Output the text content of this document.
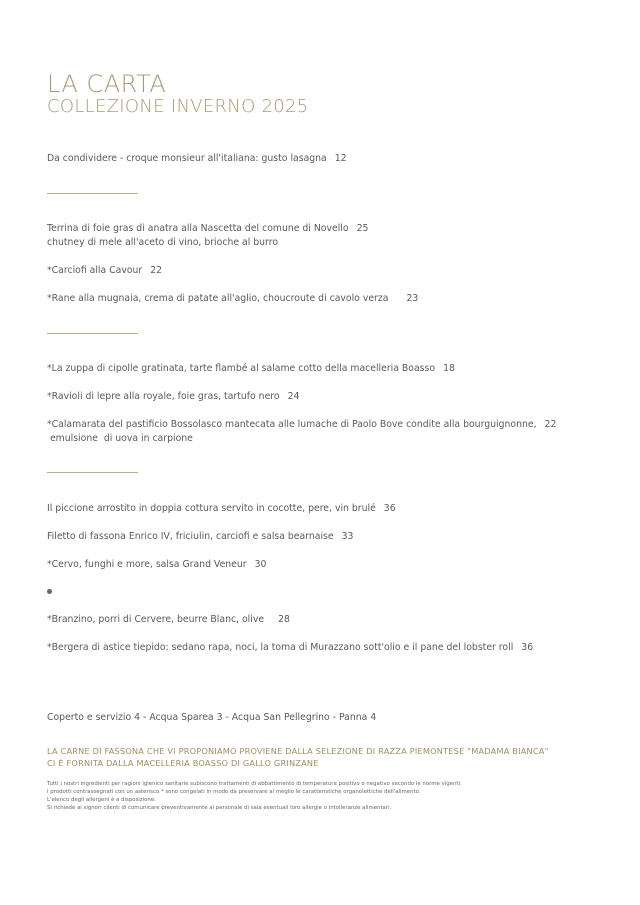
LA CARTA
COLLEZIONE INVERNO 2025
Da condividere - croque monsieur all'italiana: gusto lasagna 12
Terrina di foie gras di anatra alla Nascetta del comune di Novello 25
chutney di mele all'aceto di vino, brioche al burro
*Carciofi alla Cavour 22
*Rane alla mugnaia, crema di patate all'aglio, choucroute di cavolo verza 23
*La zuppa di cipolle gratinata, tarte flambé al salame cotto della macelleria Boasso 18
*Ravioli di lepre alla royale, foie gras, tartufo nero 24
*Calamarata del pastificio Bossolasco mantecata alle lumache di Paolo Bove condite alla bourguignonne, 22
emulsione  di uova in carpione
Il piccione arrostito in doppia cottura servito in cocotte, pere, vin brulé 36
Filetto di fassona Enrico IV, friciulin, carciofi e salsa bearnaise 33
*Cervo, funghi e more, salsa Grand Veneur 30
*Branzino, porri di Cervere, beurre Blanc, olive 28
*Bergera di astice tiepido: sedano rapa, noci, la toma di Murazzano sott'olio e il pane del lobster roll 36
Coperto e servizio 4 - Acqua Sparea 3 - Acqua San Pellegrino - Panna 4
LA CARNE DI FASSONA CHE VI PROPONIAMO PROVIENE DALLA SELEZIONE DI RAZZA PIEMONTESE "MADAMA BIANCA"
CI È FORNITA DALLA MACELLERIA BOASSO DI GALLO GRINZANE
Tutti i nostri ingredienti per ragioni igienico sanitarie subiscono trattamenti di abbattimento di temperatura positivo o negativo secondo le norme vigenti.
I prodotti contrassegnati con un asterisco * sono congelati in modo da preservare al meglio le caratteristiche organolettiche dell'alimento.
L'elenco degli allergeni è a disposizione.
Si richiede ai signori clienti di comunicare preventivamente al personale di sala eventuali loro allergie o intolleranze alimentari.
